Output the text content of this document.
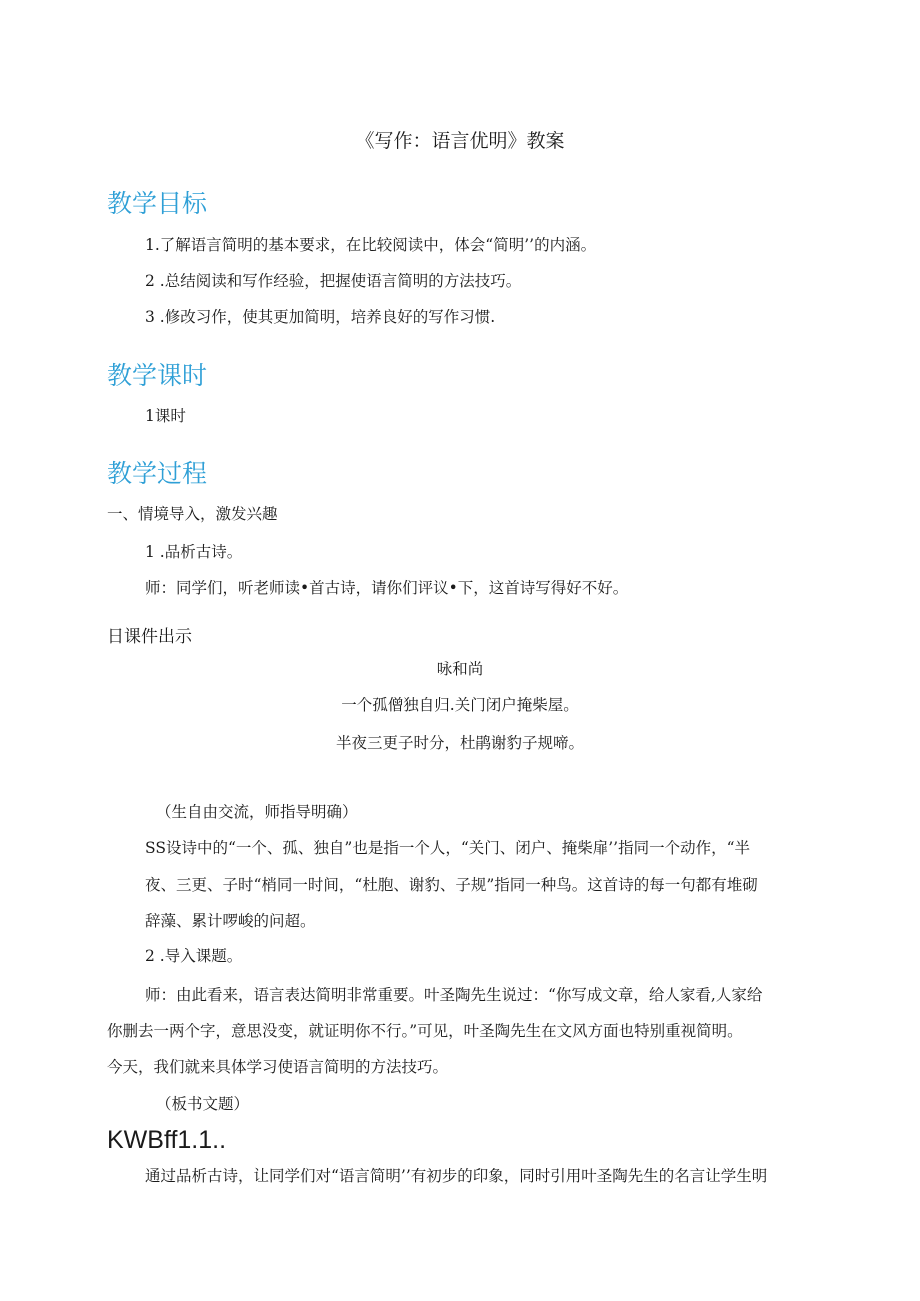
《写作：语言优明》教案
教学目标
1.了解语言简明的基本要求，在比较阅读中，体会“简明’’的内涵。
2 .总结阅读和写作经验，把握使语言简明的方法技巧。
3 .修改习作，使其更加简明，培养良好的写作习惯.
教学课时
1课时
教学过程
一、情境导入，激发兴趣
1 .品析古诗。
师：同学们，听老师读•首古诗，请你们评议•下，这首诗写得好不好。
日课件出示
咏和尚
一个孤僧独自归.关门闭户掩柴屋。
半夜三更子时分，杜鹃谢豹子规啼。
（生自由交流，师指导明确）
SS设诗中的“一个、孤、独自”也是指一个人，“关门、闭户、掩柴扉’’指同一个动作，“半
夜、三更、子时“梢同一时间，“杜胞、谢豹、子规”指同一种鸟。这首诗的每一句都有堆砌
辞藻、累计啰峻的问超。
2 .导入课题。
师：由此看来，语言表达简明非常重要。叶圣陶先生说过：“你写成文章，给人家看,人家给
你删去一两个字，意思没变，就证明你不行。”可见，叶圣陶先生在文风方面也特别重视简明。
今天，我们就来具体学习使语言简明的方法技巧。
（板书文题）
KWBff1.1..
通过品析古诗，让同学们对“语言简明’’有初步的印象，同时引用叶圣陶先生的名言让学生明
